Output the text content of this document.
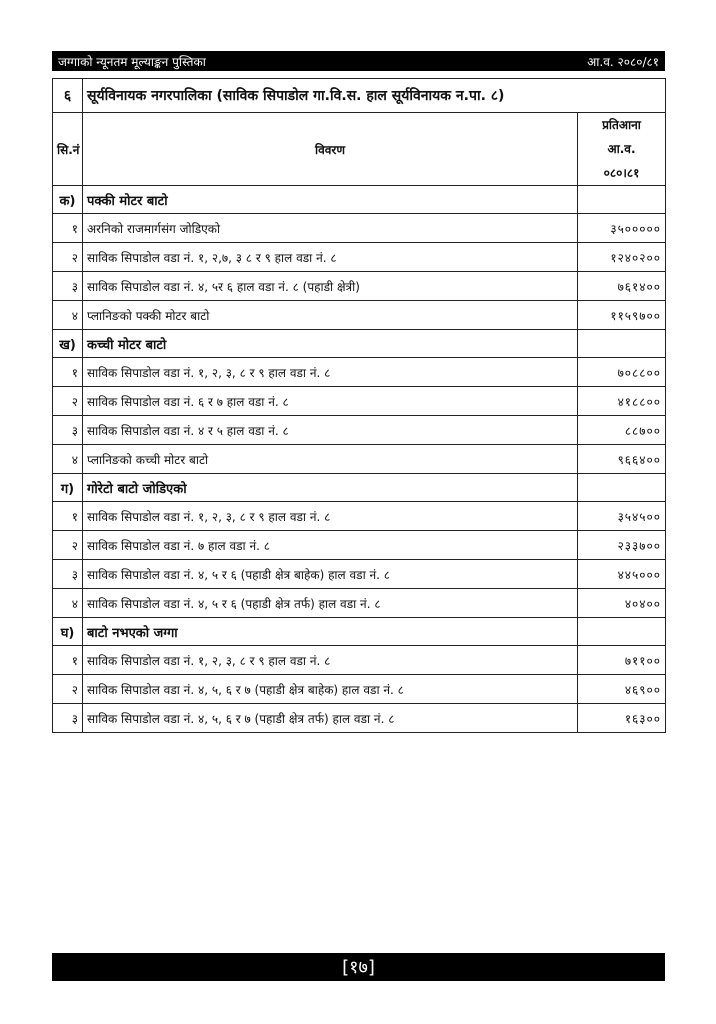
जग्गाको न्यूनतम मूल्याङ्कन पुस्तिका	आ.व. २०८०/८१
६	सूर्यविनायक नगरपालिका (साविक सिपाडोल गा.वि.स. हाल सूर्यविनायक न.पा. ८)	
सि.नं	विवरण	प्रतिआना
आ.व.
०८०।८१

क)	पक्की मोटर बाटो	
१	अरनिको राजमार्गसंग जोडिएको	३५०००००
२	साविक सिपाडोल वडा नं. १, २,७, ३ ८ र ९ हाल वडा नं. ८	१२४०२००
३	साविक सिपाडोल वडा नं. ४, ५र ६ हाल वडा नं. ८ (पहाडी क्षेत्री)	७६१४००
४	प्लानिङको पक्की मोटर बाटो	११५९७००
ख)	कच्ची मोटर बाटो	
१	साविक सिपाडोल वडा नं. १, २, ३, ८ र ९ हाल वडा नं. ८	७०८८००
२	साविक सिपाडोल वडा नं. ६ र ७ हाल वडा नं. ८	४१८८००
३	साविक सिपाडोल वडा नं. ४ र ५ हाल वडा नं. ८	८८७००
४	प्लानिङको कच्ची मोटर बाटो	९६६४००
ग)	गोरेटो बाटो जोडिएको	
१	साविक सिपाडोल वडा नं. १, २, ३, ८ र ९ हाल वडा नं. ८	३५४५००
२	साविक सिपाडोल वडा नं. ७ हाल वडा नं. ८	२३३७००
३	साविक सिपाडोल वडा नं. ४, ५ र ६ (पहाडी क्षेत्र बाहेक) हाल वडा नं. ८	४४५०००
४	साविक सिपाडोल वडा नं. ४, ५ र ६ (पहाडी क्षेत्र तर्फ) हाल वडा नं. ८	४०४००
घ)	बाटो नभएको जग्गा	
१	साविक सिपाडोल वडा नं. १, २, ३, ८ र ९ हाल वडा नं. ८	७११००
२	साविक सिपाडोल वडा नं. ४, ५, ६ र ७ (पहाडी क्षेत्र बाहेक) हाल वडा नं. ८	४६९००
३	साविक सिपाडोल वडा नं. ४, ५, ६ र ७ (पहाडी क्षेत्र तर्फ) हाल वडा नं. ८	१६३००
[१७]
